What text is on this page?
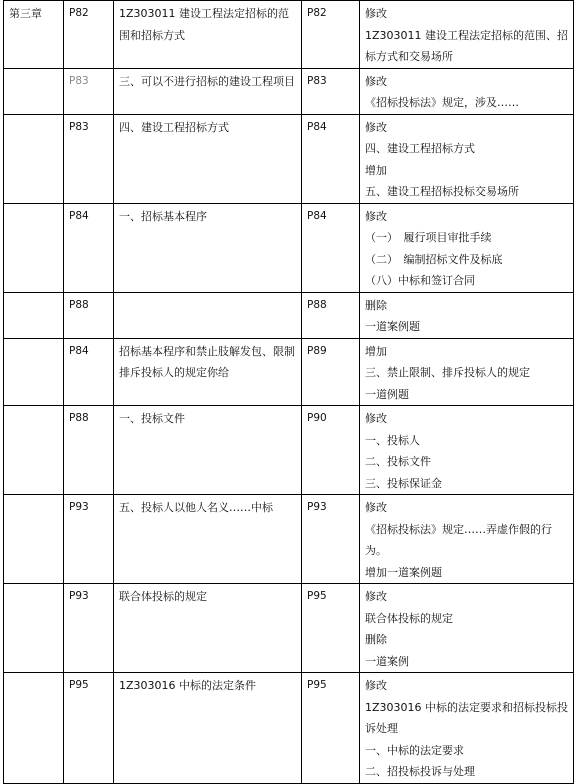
第三章	P82	1Z303011 建设工程法定招标的范围和招标方式	P82	修改
1Z303011 建设工程法定招标的范围、招标方式和交易场所

	P83	三、可以不进行招标的建设工程项目	P83	修改
《招标投标法》规定，涉及……

	P83	四、建设工程招标方式	P84	修改
四、建设工程招标方式
增加
五、建设工程招标投标交易场所

	P84	一、招标基本程序	P84	修改
（一）　履行项目审批手续
（二）　编制招标文件及标底
（八）中标和签订合同

	P88		P88	删除
一道案例题

	P84	招标基本程序和禁止肢解发包、限制排斥投标人的规定你给	P89	增加
三、禁止限制、排斥投标人的规定
一道例题

	P88	一、投标文件	P90	修改
一、投标人
二、投标文件
三、投标保证金

	P93	五、投标人以他人名义……中标	P93	修改
《招标投标法》规定……弄虚作假的行为。
增加一道案例题

	P93	联合体投标的规定	P95	修改
联合体投标的规定
删除
一道案例

	P95	1Z303016 中标的法定条件	P95	修改
1Z303016 中标的法定要求和招标投标投诉处理
一、中标的法定要求
二、招投标投诉与处理
